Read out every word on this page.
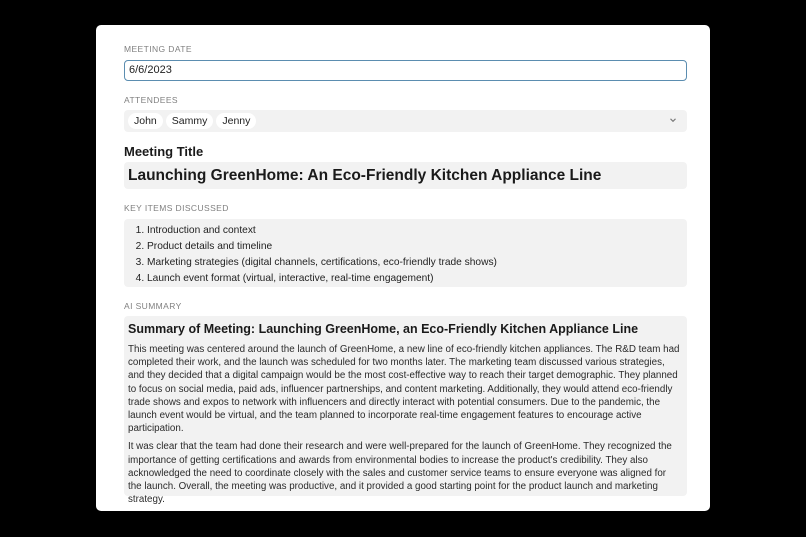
MEETING DATE
6/6/2023
ATTENDEES
John	Sammy	Jenny
Meeting Title
Launching GreenHome: An Eco-Friendly Kitchen Appliance Line
KEY ITEMS DISCUSSED
1. Introduction and context
2. Product details and timeline
3. Marketing strategies (digital channels, certifications, eco-friendly trade shows)
4. Launch event format (virtual, interactive, real-time engagement)
AI SUMMARY
Summary of Meeting: Launching GreenHome, an Eco-Friendly Kitchen Appliance Line

This meeting was centered around the launch of GreenHome, a new line of eco-friendly kitchen appliances. The R&D team had completed their work, and the launch was scheduled for two months later. The marketing team discussed various strategies, and they decided that a digital campaign would be the most cost-effective way to reach their target demographic. They planned to focus on social media, paid ads, influencer partnerships, and content marketing. Additionally, they would attend eco-friendly trade shows and expos to network with influencers and directly interact with potential consumers. Due to the pandemic, the launch event would be virtual, and the team planned to incorporate real-time engagement features to encourage active participation.

It was clear that the team had done their research and were well-prepared for the launch of GreenHome. They recognized the importance of getting certifications and awards from environmental bodies to increase the product's credibility. They also acknowledged the need to coordinate closely with the sales and customer service teams to ensure everyone was aligned for the launch. Overall, the meeting was productive, and it provided a good starting point for the product launch and marketing strategy.
